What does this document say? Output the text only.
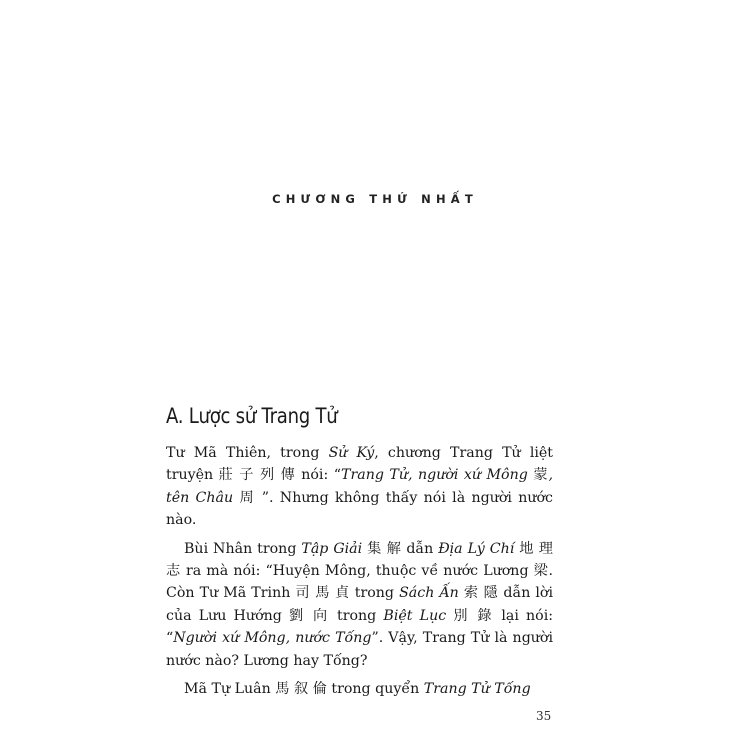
CHƯƠNG THỨ NHẤT
A. Lược sử Trang Tử

Tư Mã Thiên, trong Sử Ký, chương Trang Tử liệt truyện 莊 子 列 傳 nói: “Trang Tử, người xứ Mông 蒙, tên Châu 周 ”. Nhưng không thấy nói là người nước nào.

Bùi Nhân trong Tập Giải 集 解 dẫn Địa Lý Chí 地 理 志 ra mà nói: “Huyện Mông, thuộc về nước Lương 梁. Còn Tư Mã Trinh 司 馬 貞 trong Sách Ấn 索 隱 dẫn lời của Lưu Hướng 劉 向 trong Biệt Lục 別 錄 lại nói: “Người xứ Mông, nước Tống”. Vậy, Trang Tử là người nước nào? Lương hay Tống?

Mã Tự Luân 馬 叙 倫 trong quyển Trang Tử Tống

35
